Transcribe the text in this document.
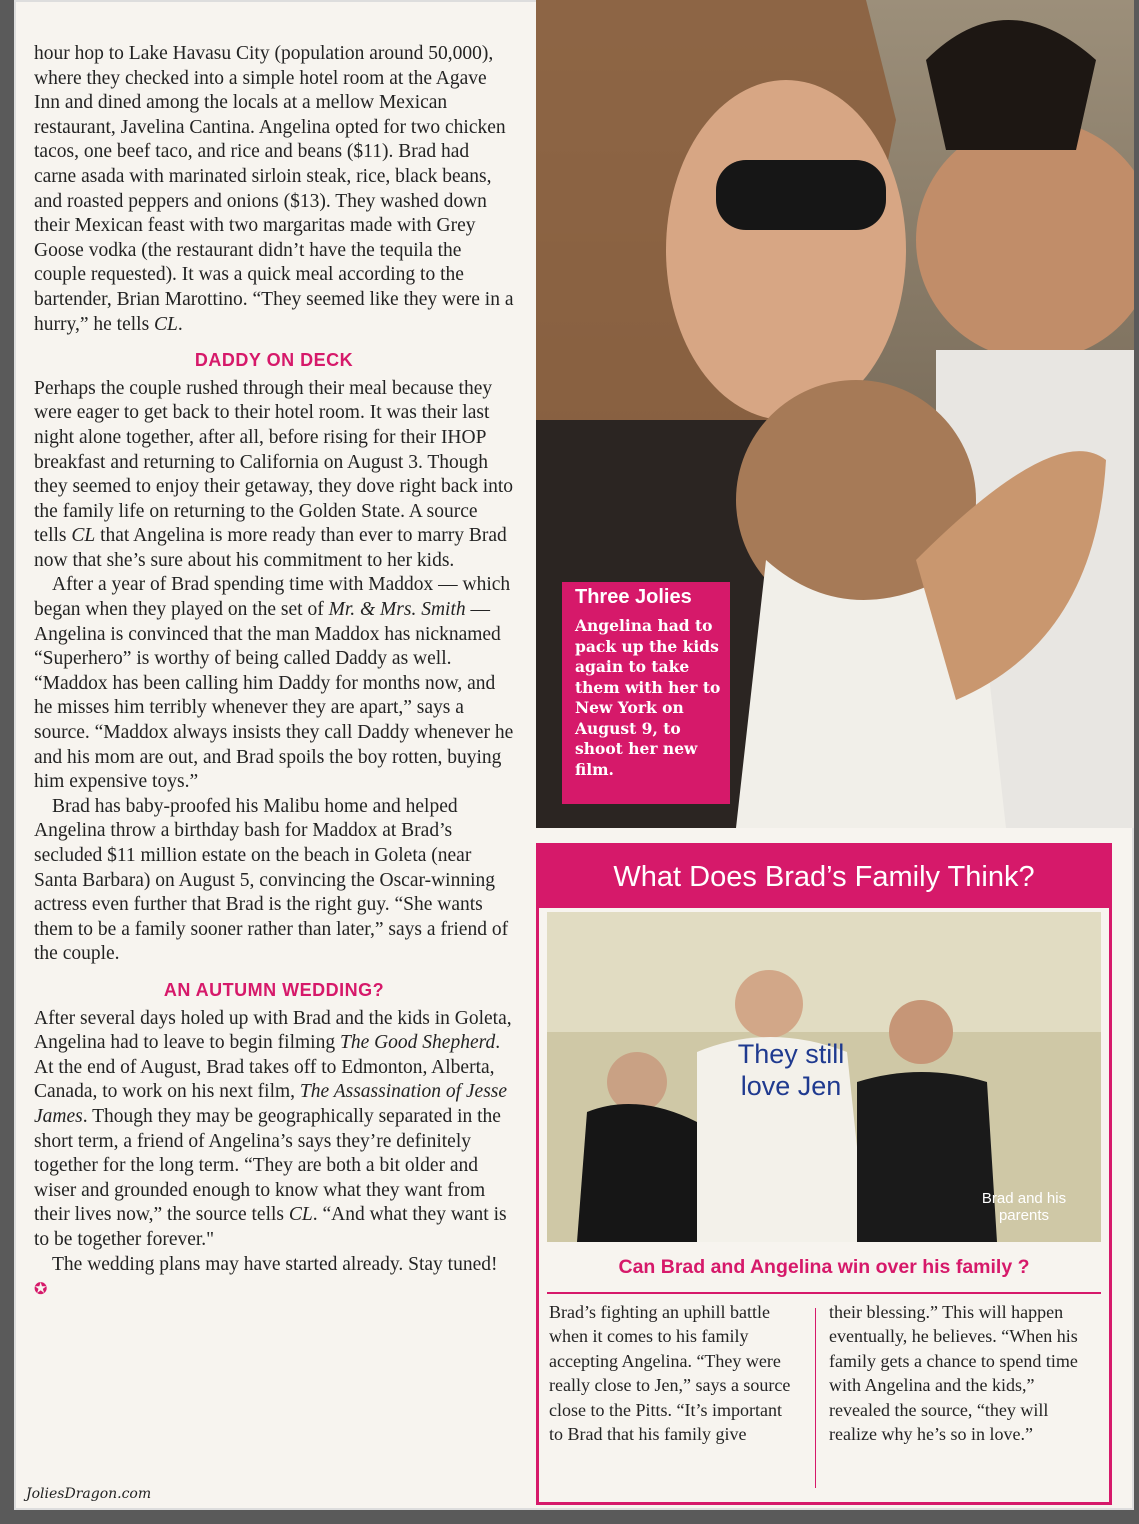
hour hop to Lake Havasu City (population around 50,000), where they checked into a simple hotel room at the Agave Inn and dined among the locals at a mellow Mexican restaurant, Javelina Cantina. Angelina opted for two chicken tacos, one beef taco, and rice and beans ($11). Brad had carne asada with marinated sirloin steak, rice, black beans, and roasted peppers and onions ($13). They washed down their Mexican feast with two margaritas made with Grey Goose vodka (the restaurant didn’t have the tequila the couple requested). It was a quick meal according to the bartender, Brian Marottino. “They seemed like they were in a hurry,” he tells CL.

DADDY ON DECK

Perhaps the couple rushed through their meal because they were eager to get back to their hotel room. It was their last night alone together, after all, before rising for their IHOP breakfast and returning to California on August 3. Though they seemed to enjoy their getaway, they dove right back into the family life on returning to the Golden State. A source tells CL that Angelina is more ready than ever to marry Brad now that she’s sure about his commitment to her kids.

After a year of Brad spending time with Maddox — which began when they played on the set of Mr. & Mrs. Smith — Angelina is convinced that the man Maddox has nicknamed “Superhero” is worthy of being called Daddy as well. “Maddox has been calling him Daddy for months now, and he misses him terribly whenever they are apart,” says a source. “Maddox always insists they call Daddy whenever he and his mom are out, and Brad spoils the boy rotten, buying him expensive toys.”

Brad has baby-proofed his Malibu home and helped Angelina throw a birthday bash for Maddox at Brad’s secluded $11 million estate on the beach in Goleta (near Santa Barbara) on August 5, convincing the Oscar-winning actress even further that Brad is the right guy. “She wants them to be a family sooner rather than later,” says a friend of the couple.

AN AUTUMN WEDDING?

After several days holed up with Brad and the kids in Goleta, Angelina had to leave to begin filming The Good Shepherd. At the end of August, Brad takes off to Edmonton, Alberta, Canada, to work on his next film, The Assassination of Jesse James. Though they may be geographically separated in the short term, a friend of Angelina’s says they’re definitely together for the long term. “They are both a bit older and wiser and grounded enough to know what they want from their lives now,” the source tells CL. “And what they want is to be together forever."

The wedding plans may have started already. Stay tuned! ✪

Three Jolies
Angelina had to pack up the kids again to take them with her to New York on August 9, to shoot her new film.
What Does Brad’s Family Think?
They still love Jen
Brad and his parents
Can Brad and Angelina win over his family ?
Brad’s fighting an uphill battle when it comes to his family accepting Angelina. “They were really close to Jen,” says a source close to the Pitts. “It’s important to Brad that his family give
their blessing.” This will happen eventually, he believes. “When his family gets a chance to spend time with Angelina and the kids,” revealed the source, “they will realize why he’s so in love.”
JoliesDragon.com
